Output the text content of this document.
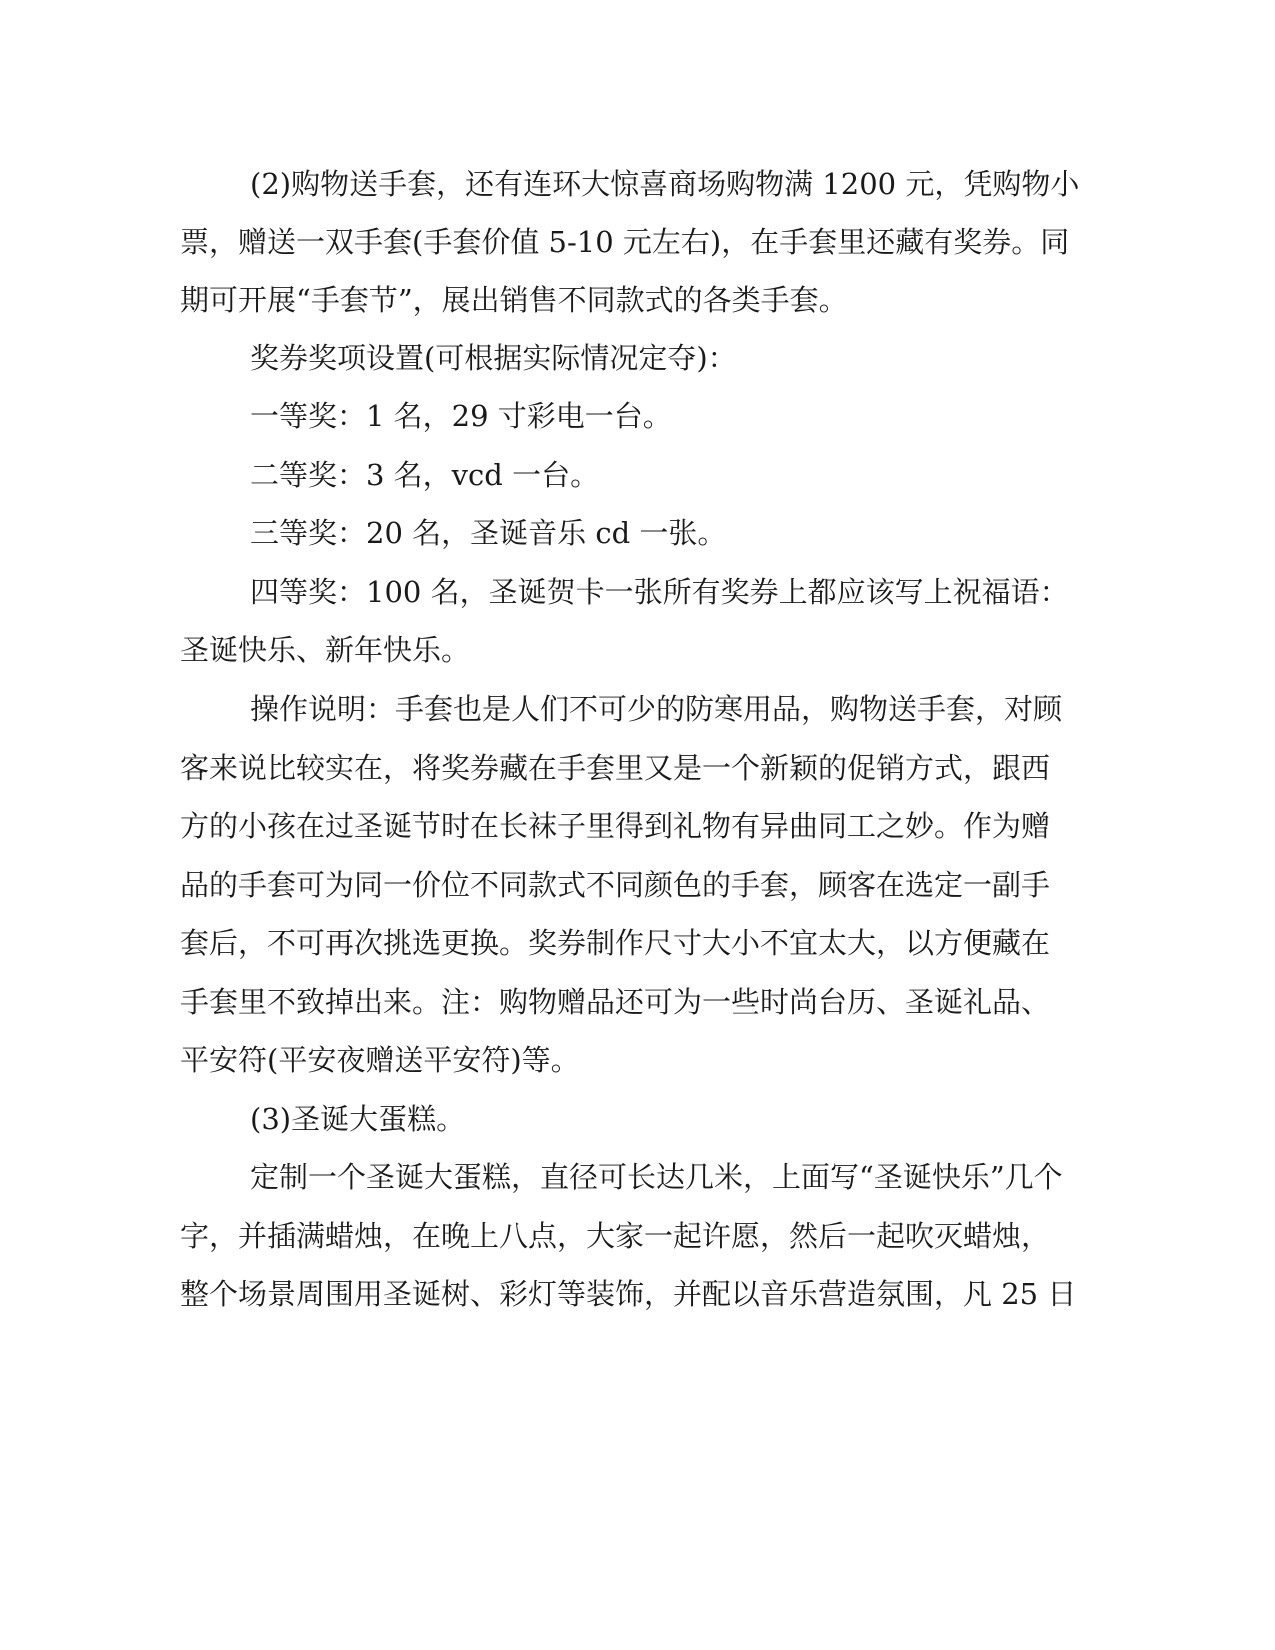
(2)购物送手套，还有连环大惊喜商场购物满 1200 元，凭购物小
票，赠送一双手套(手套价值 5-10 元左右)，在手套里还藏有奖券。同
期可开展“手套节”，展出销售不同款式的各类手套。
奖券奖项设置(可根据实际情况定夺)：
一等奖：1 名，29 寸彩电一台。
二等奖：3 名，vcd 一台。
三等奖：20 名，圣诞音乐 cd 一张。
四等奖：100 名，圣诞贺卡一张所有奖券上都应该写上祝福语：
圣诞快乐、新年快乐。
操作说明：手套也是人们不可少的防寒用品，购物送手套，对顾
客来说比较实在，将奖券藏在手套里又是一个新颖的促销方式，跟西
方的小孩在过圣诞节时在长袜子里得到礼物有异曲同工之妙。作为赠
品的手套可为同一价位不同款式不同颜色的手套，顾客在选定一副手
套后，不可再次挑选更换。奖券制作尺寸大小不宜太大，以方便藏在
手套里不致掉出来。注：购物赠品还可为一些时尚台历、圣诞礼品、
平安符(平安夜赠送平安符)等。
(3)圣诞大蛋糕。
定制一个圣诞大蛋糕，直径可长达几米，上面写“圣诞快乐”几个
字，并插满蜡烛，在晚上八点，大家一起许愿，然后一起吹灭蜡烛，
整个场景周围用圣诞树、彩灯等装饰，并配以音乐营造氛围，凡 25 日
